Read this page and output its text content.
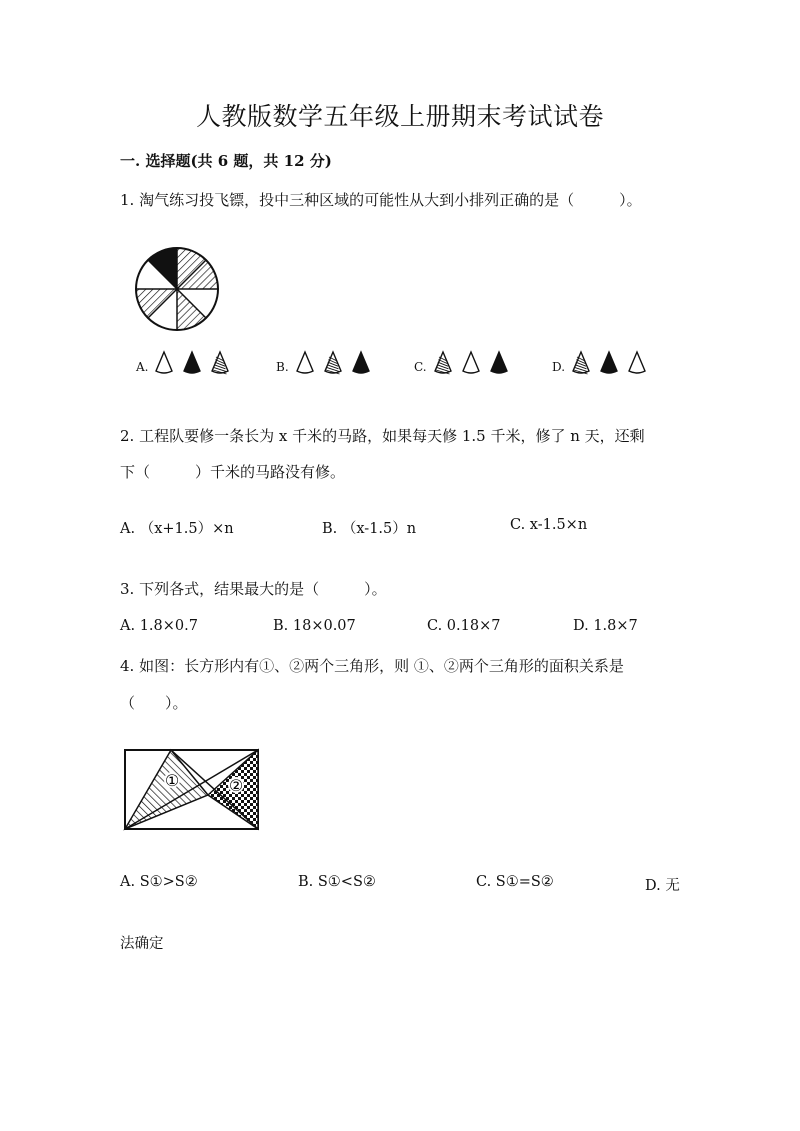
人教版数学五年级上册期末考试试卷
一. 选择题(共 6 题，共 12 分)
1. 淘气练习投飞镖，投中三种区域的可能性从大到小排列正确的是（　　　）。
A.	B.	C.	D.
2. 工程队要修一条长为 x 千米的马路，如果每天修 1.5 千米，修了 n 天，还剩
下（　　　）千米的马路没有修。
A. （x+1.5）×n	B. （x-1.5）n	C. x-1.5×n
3. 下列各式，结果最大的是（　　　）。
A. 1.8×0.7	B. 18×0.07	C. 0.18×7	D. 1.8×7
4. 如图：长方形内有①、②两个三角形，则 ①、②两个三角形的面积关系是
（　　）。
①	②
A. S①>S②	B. S①<S②	C. S①=S②	D. 无
法确定
